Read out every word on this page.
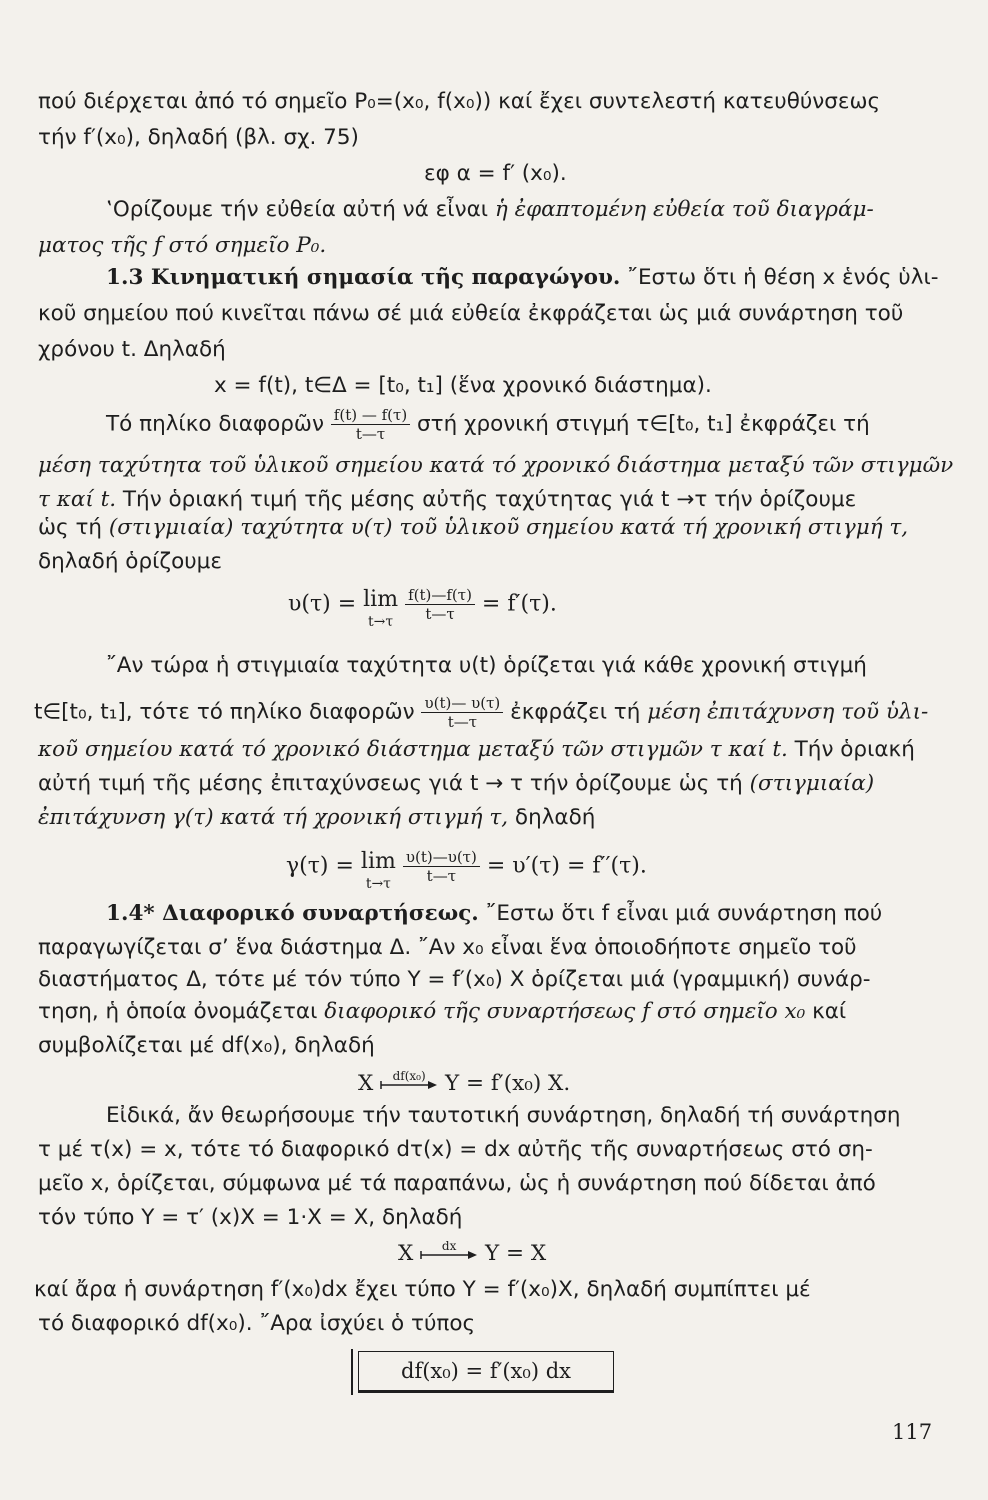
πού διέρχεται ἀπό τό σημεῖο P₀=(x₀, f(x₀)) καί ἔχει συντελεστή κατευθύνσεως
τήν f′(x₀), δηλαδή (βλ. σχ. 75)
εφ α = f′ (x₀).
‛Ορίζουμε τήν εὐθεία αὐτή νά εἶναι ἡ ἐφαπτομένη εὐθεία τοῦ διαγράμ-
ματος τῆς f στό σημεῖο P₀.
1.3 Κινηματική σημασία τῆς παραγώγου. ῎Εστω ὅτι ἡ θέση x ἑνός ὑλι-
κοῦ σημείου πού κινεῖται πάνω σέ μιά εὐθεία ἐκφράζεται ὡς μιά συνάρτηση τοῦ
χρόνου t. Δηλαδή
x = f(t), t∈Δ = [t₀, t₁] (ἕνα χρονικό διάστημα).
Τό πηλίκο διαφορῶν $\frac{f(t) — f(\tau)}{t—\tau}$ στή χρονική στιγμή τ∈[t₀, t₁] ἐκφράζει τή
μέση ταχύτητα τοῦ ὑλικοῦ σημείου κατά τό χρονικό διάστημα μεταξύ τῶν στιγμῶν
τ καί t. Τήν ὁριακή τιμή τῆς μέσης αὐτῆς ταχύτητας γιά t →τ τήν ὁρίζουμε
ὡς τή (στιγμιαία) ταχύτητα υ(τ) τοῦ ὑλικοῦ σημείου κατά τή χρονική στιγμή τ,
δηλαδή ὁρίζουμε
υ(τ) = lim
t→τ
$\frac{f(t)—f(\tau)}{t—\tau} = f'(\tau)$.
῎Αν τώρα ἡ στιγμιαία ταχύτητα υ(t) ὁρίζεται γιά κάθε χρονική στιγμή
t∈[t₀, t₁], τότε τό πηλίκο διαφορῶν $\frac{\upsilon(t)— \upsilon(\tau)}{t—\tau}$ ἐκφράζει τή μέση ἐπιτάχυνση τοῦ ὑλι-
κοῦ σημείου κατά τό χρονικό διάστημα μεταξύ τῶν στιγμῶν τ καί t. Τήν ὁριακή
αὐτή τιμή τῆς μέσης ἐπιταχύνσεως γιά t → τ τήν ὁρίζουμε ὡς τή (στιγμιαία)
ἐπιτάχυνση γ(τ) κατά τή χρονική στιγμή τ, δηλαδή
γ(τ) = lim
t→τ
$\frac{\upsilon(t)—\upsilon(\tau)}{t—\tau} = \upsilon'(\tau) = f''(\tau)$.
1.4* Διαφορικό συναρτήσεως. ῎Εστω ὅτι f εἶναι μιά συνάρτηση πού
παραγωγίζεται σ’ ἕνα διάστημα Δ. ῎Αν x₀ εἶναι ἕνα ὁποιοδήποτε σημεῖο τοῦ
διαστήματος Δ, τότε μέ τόν τύπο Y = f′(x₀) X ὁρίζεται μιά (γραμμική) συνάρ-
τηση, ἡ ὁποία ὀνομάζεται διαφορικό τῆς συναρτήσεως f στό σημεῖο x₀ καί
συμβολίζεται μέ df(x₀), δηλαδή
X	df(x₀) Y = f′(x₀) X.
Εἰδικά, ἄν θεωρήσουμε τήν ταυτοτική συνάρτηση, δηλαδή τή συνάρτηση
τ μέ τ(x) = x, τότε τό διαφορικό dτ(x) = dx αὐτῆς τῆς συναρτήσεως στό ση-
μεῖο x, ὁρίζεται, σύμφωνα μέ τά παραπάνω, ὡς ἡ συνάρτηση πού δίδεται ἀπό
τόν τύπο Y = τ′ (x)X = 1·X = X, δηλαδή
X	dx	Y = X
καί ἄρα ἡ συνάρτηση f′(x₀)dx ἔχει τύπο Y = f′(x₀)X, δηλαδή συμπίπτει μέ
τό διαφορικό df(x₀). ῎Αρα ἰσχύει ὁ τύπος
df(x₀) = f′(x₀) dx
117
